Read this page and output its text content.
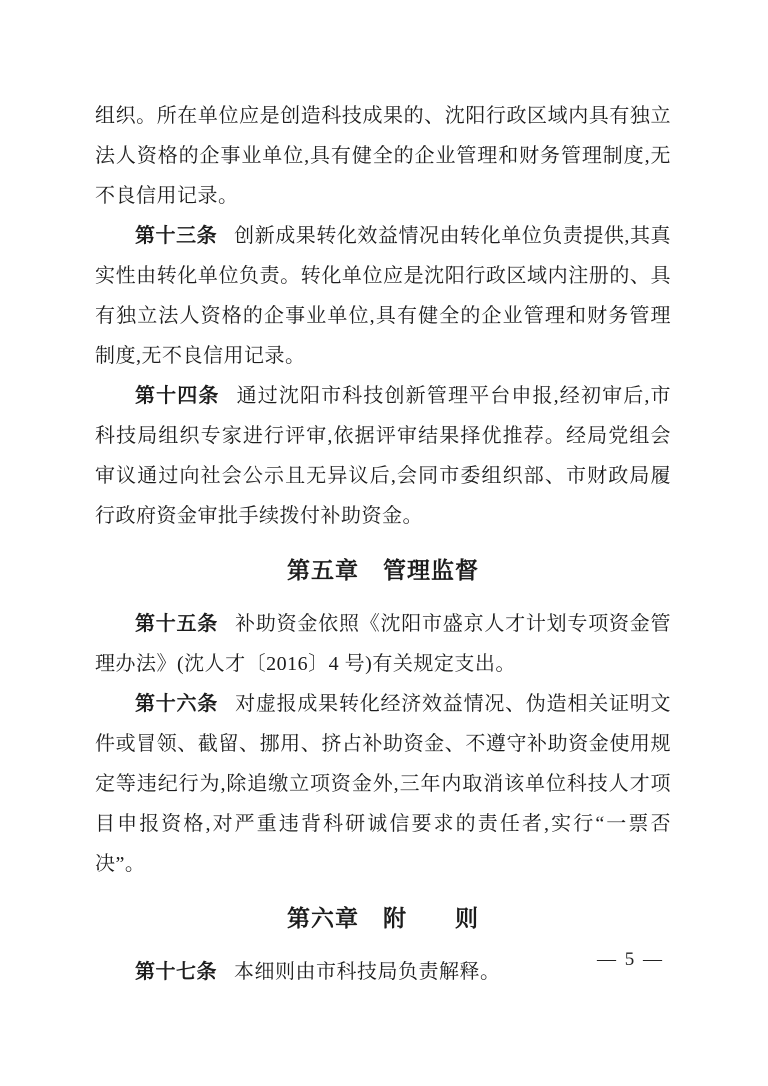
组织。所在单位应是创造科技成果的、沈阳行政区域内具有独立法人资格的企事业单位,具有健全的企业管理和财务管理制度,无不良信用记录。

第十三条 创新成果转化效益情况由转化单位负责提供,其真实性由转化单位负责。转化单位应是沈阳行政区域内注册的、具有独立法人资格的企事业单位,具有健全的企业管理和财务管理制度,无不良信用记录。

第十四条 通过沈阳市科技创新管理平台申报,经初审后,市科技局组织专家进行评审,依据评审结果择优推荐。经局党组会审议通过向社会公示且无异议后,会同市委组织部、市财政局履行政府资金审批手续拨付补助资金。

第五章　管理监督

第十五条 补助资金依照《沈阳市盛京人才计划专项资金管理办法》(沈人才〔2016〕4 号)有关规定支出。

第十六条 对虚报成果转化经济效益情况、伪造相关证明文件或冒领、截留、挪用、挤占补助资金、不遵守补助资金使用规定等违纪行为,除追缴立项资金外,三年内取消该单位科技人才项目申报资格,对严重违背科研诚信要求的责任者,实行“一票否决”。

第六章　附　　则

第十七条 本细则由市科技局负责解释。

— 5 —
